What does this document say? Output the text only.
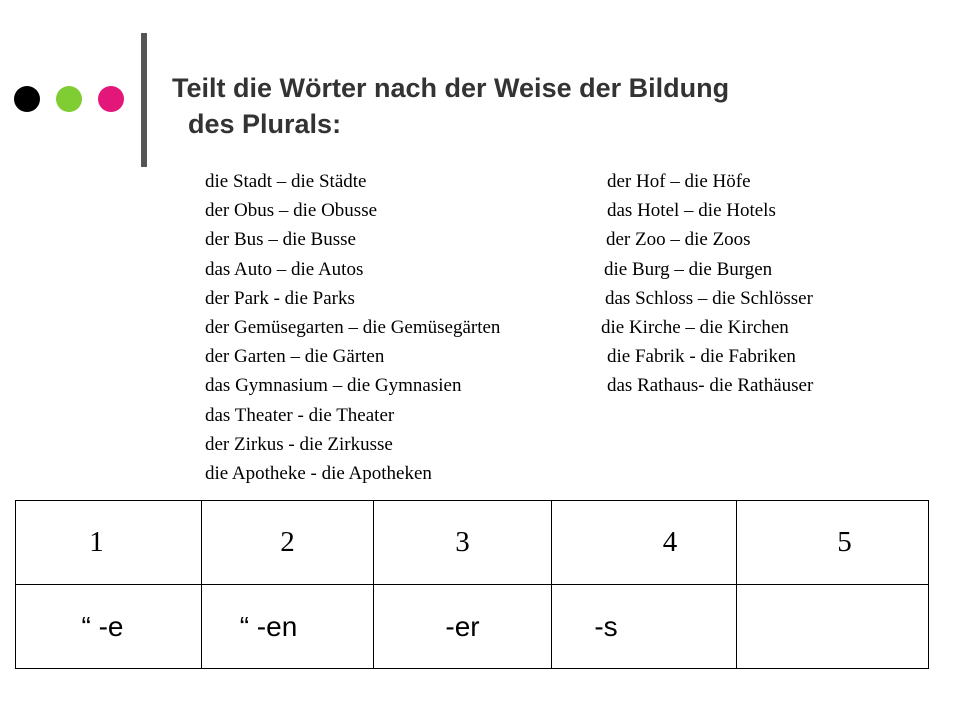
Teilt die Wörter nach der Weise der Bildung
des Plurals:
die Stadt – die Städte	der Hof – die Höfe
der Obus – die Obusse	das Hotel – die Hotels
der Bus – die Busse	der Zoo – die Zoos
das Auto – die Autos	die Burg – die Burgen
der Park - die Parks	das Schloss – die Schlösser
der Gemüsegarten – die Gemüsegärten	die Kirche – die Kirchen
der Garten – die Gärten	die Fabrik - die Fabriken
das Gymnasium – die Gymnasien	das Rathaus- die Rathäuser
das Theater - die Theater
der Zirkus - die Zirkusse
die Apotheke - die Apotheken
1	2	3	4	5
“ -e	“ -en	-er	-s	
